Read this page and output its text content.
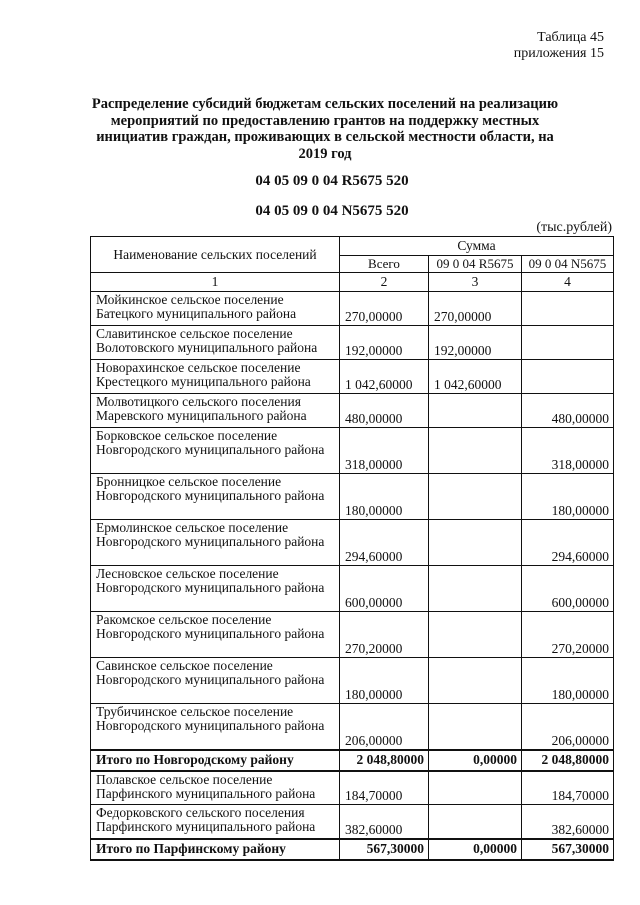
Таблица 45
приложения 15
Распределение субсидий бюджетам сельских поселений на реализацию мероприятий по предоставлению грантов на поддержку местных инициатив граждан, проживающих в сельской местности области, на 2019 год
04 05 09 0 04 R5675 520
04 05 09 0 04 N5675 520
(тыс.рублей)
Наименование сельских поселений	Сумма		
	Всего	09 0 04 R5675	09 0 04 N5675
1	2	3	4
Мойкинское сельское поселение Батецкого муниципального района	270,00000	270,00000	
Славитинское сельское поселение Волотовского муниципального района	192,00000	192,00000	
Новорахинское сельское поселение Крестецкого муниципального района	1 042,60000	1 042,60000	
Молвотицкого сельского поселения Маревского муниципального района	480,00000		480,00000
Борковское сельское поселение Новгородского муниципального района	318,00000		318,00000
Бронницкое сельское поселение Новгородского муниципального района	180,00000		180,00000
Ермолинское сельское поселение Новгородского муниципального района	294,60000		294,60000
Лесновское сельское поселение Новгородского муниципального района	600,00000		600,00000
Ракомское сельское поселение Новгородского муниципального района	270,20000		270,20000
Савинское сельское поселение Новгородского муниципального района	180,00000		180,00000
Трубичинское сельское поселение Новгородского муниципального района	206,00000		206,00000
Итого по Новгородскому району	2 048,80000	0,00000	2 048,80000
Полавское сельское поселение Парфинского муниципального района	184,70000		184,70000
Федорковского сельского поселения Парфинского муниципального района	382,60000		382,60000
Итого по Парфинскому району	567,30000	0,00000	567,30000
